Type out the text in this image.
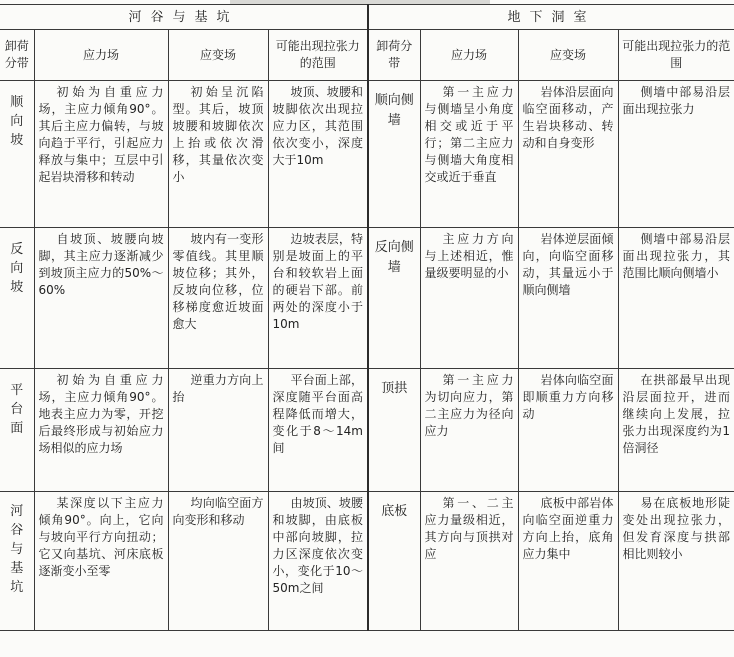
河谷与基坑				地下洞室			
卸荷分带	应力场	应变场	可能出现拉张力的范围	卸荷分带	应力场	应变场	可能出现拉张力的范围
顺向坡	初始为自重应力场，主应力倾角90°。其后主应力偏转，与坡向趋于平行，引起应力释放与集中；互层中引起岩块滑移和转动	初始呈沉陷型。其后，坡顶坡腰和坡脚依次上抬或依次滑移，其量依次变小	坡顶、坡腰和坡脚依次出现拉应力区，其范围依次变小，深度大于10m	顺向侧墙	第一主应力与侧墙呈小角度相交或近于平行；第二主应力与侧墙大角度相交或近于垂直	岩体沿层面向临空面移动，产生岩块移动、转动和自身变形	侧墙中部易沿层面出现拉张力
反向坡	自坡顶、坡腰向坡脚，其主应力逐渐减少到坡顶主应力的50%～60%	坡内有一变形零值线。其里顺坡位移；其外，反坡向位移，位移梯度愈近坡面愈大	边坡表层，特别是坡面上的平台和较软岩上面的硬岩下部。前两处的深度小于10m	反向侧墙	主应力方向与上述相近，惟量级要明显的小	岩体逆层面倾向，向临空面移动，其量远小于顺向侧墙	侧墙中部易沿层面出现拉张力，其范围比顺向侧墙小
平台面	初始为自重应力场，主应力倾角90°。地表主应力为零，开挖后最终形成与初始应力场相似的应力场	逆重力方向上抬	平台面上部，深度随平台面高程降低而增大，变化于8～14m间	顶拱	第一主应力为切向应力，第二主应力为径向应力	岩体向临空面即顺重力方向移动	在拱部最早出现沿层面拉开，进而继续向上发展，拉张力出现深度约为1倍洞径
河谷与基坑	某深度以下主应力倾角90°。向上，它向与坡向平行方向扭动；它又向基坑、河床底板逐渐变小至零	均向临空面方向变形和移动	由坡顶、坡腰和坡脚，由底板中部向坡脚，拉力区深度依次变小，变化于10～50m之间	底板	第一、二主应力量级相近，其方向与顶拱对应	底板中部岩体向临空面逆重力方向上抬，底角应力集中	易在底板地形陡变处出现拉张力，但发育深度与拱部相比则较小
